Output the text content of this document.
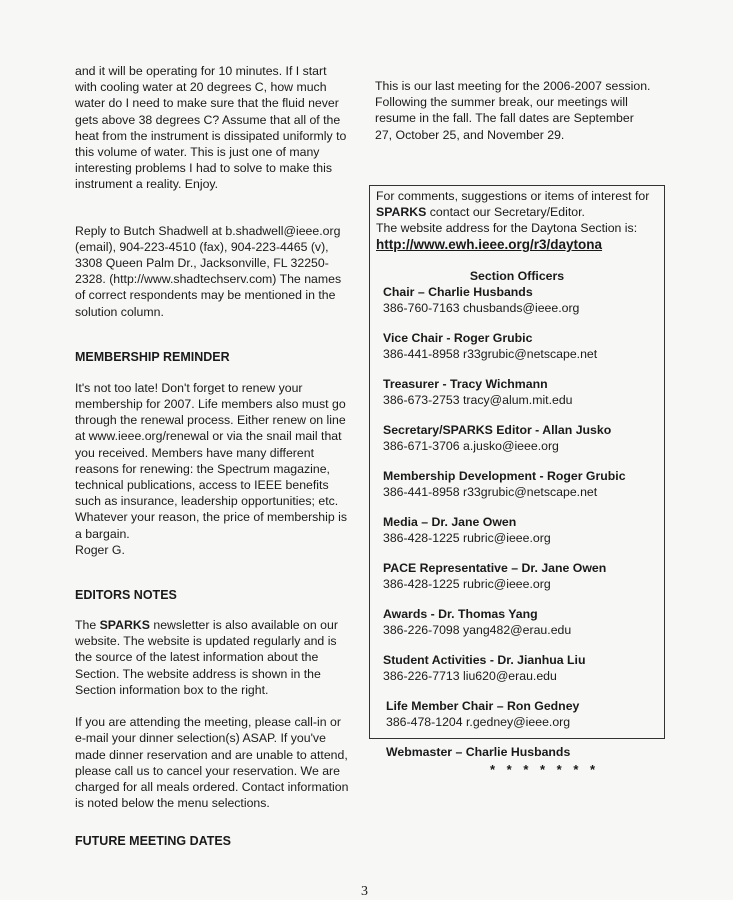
and it will be operating for 10 minutes. If I start
with cooling water at 20 degrees C, how much
water do I need to make sure that the fluid never
gets above 38 degrees C? Assume that all of the
heat from the instrument is dissipated uniformly to
this volume of water. This is just one of many
interesting problems I had to solve to make this
instrument a reality. Enjoy.

Reply to Butch Shadwell at b.shadwell@ieee.org
(email), 904-223-4510 (fax), 904-223-4465 (v),
3308 Queen Palm Dr., Jacksonville, FL 32250-
2328. (http://www.shadtechserv.com) The names
of correct respondents may be mentioned in the
solution column.

MEMBERSHIP REMINDER

It's not too late! Don't forget to renew your
membership for 2007. Life members also must go
through the renewal process. Either renew on line
at www.ieee.org/renewal or via the snail mail that
you received. Members have many different
reasons for renewing: the Spectrum magazine,
technical publications, access to IEEE benefits
such as insurance, leadership opportunities; etc.
Whatever your reason, the price of membership is
a bargain.
Roger G.

EDITORS NOTES

The SPARKS newsletter is also available on our
website. The website is updated regularly and is
the source of the latest information about the
Section. The website address is shown in the
Section information box to the right.

If you are attending the meeting, please call-in or
e-mail your dinner selection(s) ASAP. If you've
made dinner reservation and are unable to attend,
please call us to cancel your reservation. We are
charged for all meals ordered. Contact information
is noted below the menu selections.

This is our last meeting for the 2006-2007 session.
Following the summer break, our meetings will
resume in the fall. The fall dates are September
27, October 25, and November 29.

For comments, suggestions or items of interest for
SPARKS contact our Secretary/Editor.
The website address for the Daytona Section is:
http://www.ewh.ieee.org/r3/daytona
Section Officers
Chair – Charlie Husbands
386-760-7163 chusbands@ieee.org
Vice Chair - Roger Grubic
386-441-8958 r33grubic@netscape.net
Treasurer - Tracy Wichmann
386-673-2753 tracy@alum.mit.edu
Secretary/SPARKS Editor - Allan Jusko
386-671-3706 a.jusko@ieee.org
Membership Development - Roger Grubic
386-441-8958 r33grubic@netscape.net
Media – Dr. Jane Owen
386-428-1225 rubric@ieee.org
PACE Representative – Dr. Jane Owen
386-428-1225 rubric@ieee.org
Awards - Dr. Thomas Yang
386-226-7098 yang482@erau.edu
Student Activities - Dr. Jianhua Liu
386-226-7713 liu620@erau.edu
Life Member Chair – Ron Gedney
386-478-1204 r.gedney@ieee.org
Webmaster – Charlie Husbands
* * * * * * *
FUTURE MEETING DATES
3
